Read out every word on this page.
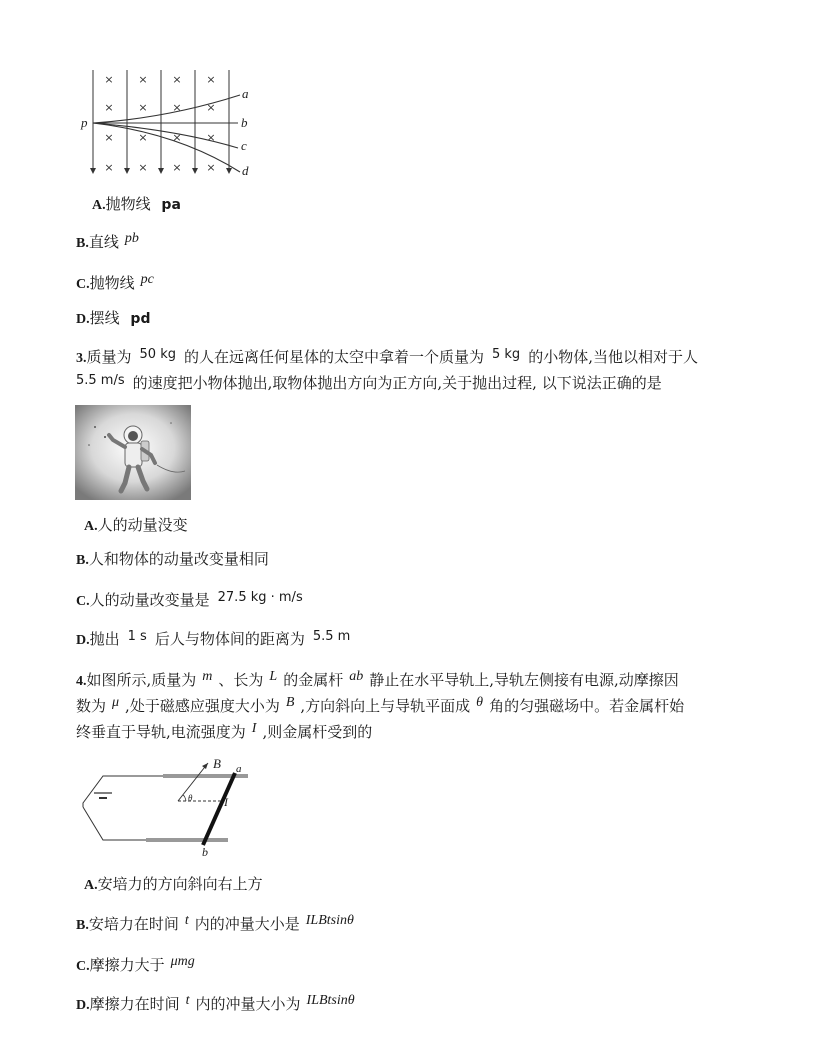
× × × ×
× × × ×
× × × ×
× × × ×
p
a
b
c
d
A.抛物线 pa
B.直线 pb
C.抛物线 pc
D.摆线 pd
3.质量为 50 kg 的人在远离任何星体的太空中拿着一个质量为 5 kg 的小物体,当他以相对于人
5.5 m/s 的速度把小物体抛出,取物体抛出方向为正方向,关于抛出过程, 以下说法正确的是
A.人的动量没变
B.人和物体的动量改变量相同
C.人的动量改变量是 27.5 kg · m/s
D.抛出 1 s 后人与物体间的距离为 5.5 m
4.如图所示,质量为 m 、长为 L 的金属杆 ab 静止在水平导轨上,导轨左侧接有电源,动摩擦因
数为 μ ,处于磁感应强度大小为 B ,方向斜向上与导轨平面成 θ 角的匀强磁场中。若金属杆始
终垂直于导轨,电流强度为 I ,则金属杆受到的
B a
b
I
θ
A.安培力的方向斜向右上方
B.安培力在时间 t 内的冲量大小是 ILBtsinθ
C.摩擦力大于 μmg
D.摩擦力在时间 t 内的冲量大小为 ILBtsinθ
